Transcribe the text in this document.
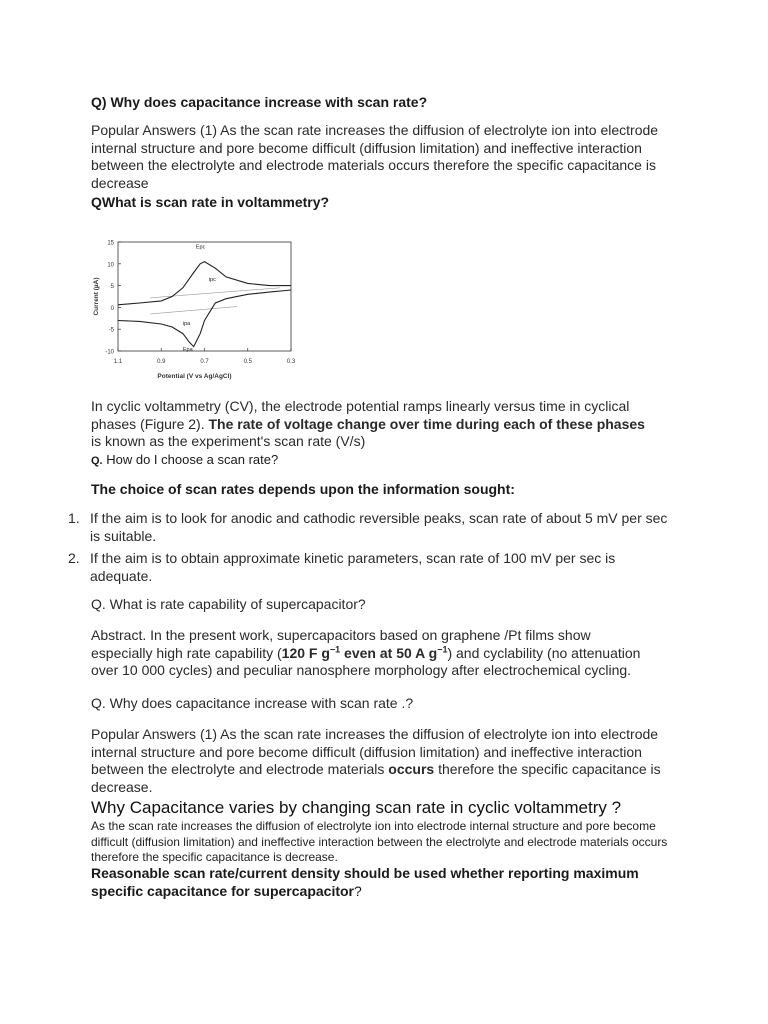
Q) Why does capacitance increase with scan rate?
Popular Answers (1) As the scan rate increases the diffusion of electrolyte ion into electrode internal structure and pore become difficult (diffusion limitation) and ineffective interaction between the electrolyte and electrode materials occurs therefore the specific capacitance is decrease
QWhat is scan rate in voltammetry?
15
10
5
0
-5
-10
1.1	0.9	0.7	0.5	0.3
Potential (V vs Ag/AgCl)
Current (µA)
Epc
ipc
ipa
Epa
In cyclic voltammetry (CV), the electrode potential ramps linearly versus time in cyclical phases (Figure 2). The rate of voltage change over time during each of these phases is known as the experiment's scan rate (V/s)
Q. How do I choose a scan rate?
The choice of scan rates depends upon the information sought:
1. If the aim is to look for anodic and cathodic reversible peaks, scan rate of about 5 mV per sec is suitable.
2. If the aim is to obtain approximate kinetic parameters, scan rate of 100 mV per sec is adequate.
Q. What is rate capability of supercapacitor?
Abstract. In the present work, supercapacitors based on graphene /Pt films show especially high rate capability (120 F $g^{-1}$ even at 50 A $g^{-1}$) and cyclability (no attenuation over 10 000 cycles) and peculiar nanosphere morphology after electrochemical cycling.
Q. Why does capacitance increase with scan rate .?
Popular Answers (1) As the scan rate increases the diffusion of electrolyte ion into electrode internal structure and pore become difficult (diffusion limitation) and ineffective interaction between the electrolyte and electrode materials occurs therefore the specific capacitance is decrease.
Why Capacitance varies by changing scan rate in cyclic voltammetry ?
As the scan rate increases the diffusion of electrolyte ion into electrode internal structure and pore become difficult (diffusion limitation) and ineffective interaction between the electrolyte and electrode materials occurs therefore the specific capacitance is decrease.
Reasonable scan rate/current density should be used whether reporting maximum specific capacitance for supercapacitor?
